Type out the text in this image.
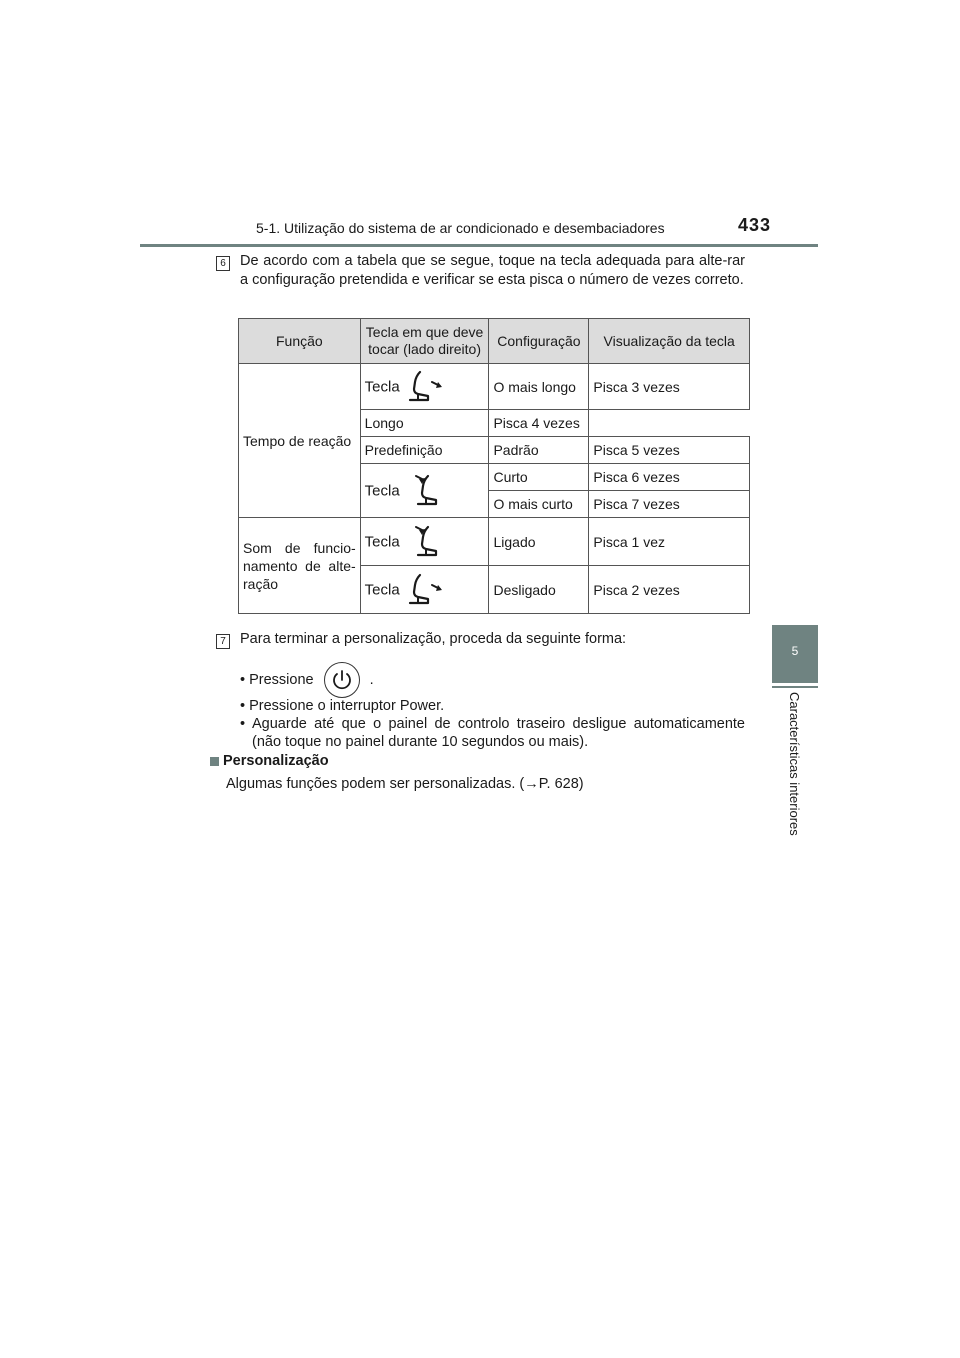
5-1. Utilização do sistema de ar condicionado e desembaciadores	433
5
Características interiores
6 De acordo com a tabela que se segue, toque na tecla adequada para alte-rar a configuração pretendida e verificar se esta pisca o número de vezes correto.
Função	Tecla em que deve tocar (lado direito)	Configuração	Visualização da tecla
Tempo de reação	Tecla	O mais longo	Pisca 3 vezes
	Longo	Pisca 4 vezes	
	Predefinição	Padrão	Pisca 5 vezes
	Tecla	Curto	Pisca 6 vezes
		O mais curto	Pisca 7 vezes
Som de funcio-namento de alte-ração	Tecla	Ligado	Pisca 1 vez
	Tecla	Desligado	Pisca 2 vezes
7 Para terminar a personalização, proceda da seguinte forma:
• Pressione	.
• Pressione o interruptor Power.
• Aguarde até que o painel de controlo traseiro desligue automaticamente (não toque no painel durante 10 segundos ou mais).
Personalização
Algumas funções podem ser personalizadas. (→P. 628)
